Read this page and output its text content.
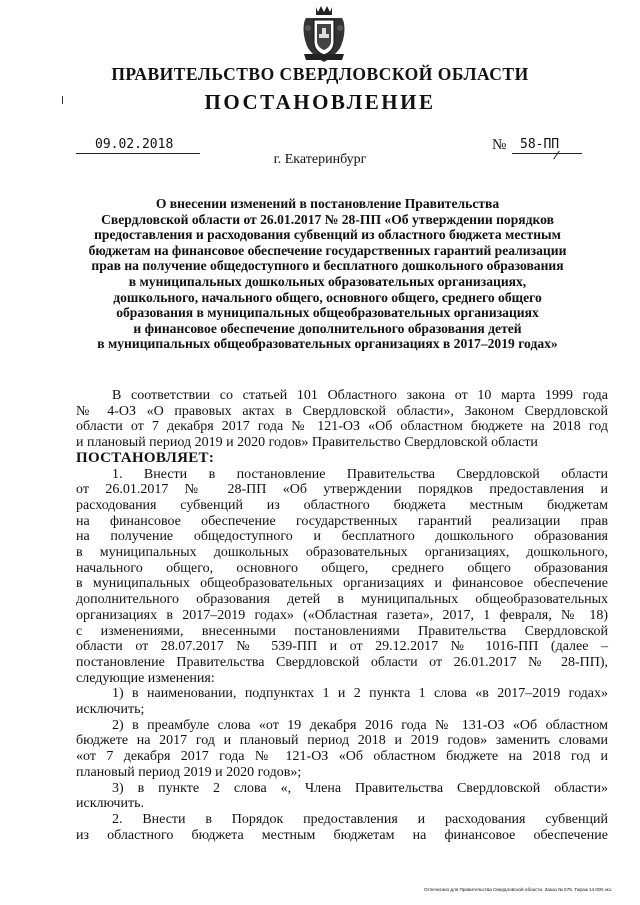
ПРАВИТЕЛЬСТВО СВЕРДЛОВСКОЙ ОБЛАСТИ
ПОСТАНОВЛЕНИЕ
09.02.2018	№ 58-ПП
г. Екатеринбург
О внесении изменений в постановление Правительства
Свердловской области от 26.01.2017 № 28-ПП «Об утверждении порядков
предоставления и расходования субвенций из областного бюджета местным
бюджетам на финансовое обеспечение государственных гарантий реализации
прав на получение общедоступного и бесплатного дошкольного образования
в муниципальных дошкольных образовательных организациях,
дошкольного, начального общего, основного общего, среднего общего
образования в муниципальных общеобразовательных организациях
и финансовое обеспечение дополнительного образования детей
в муниципальных общеобразовательных организациях в 2017–2019 годах»
В соответствии со статьей 101 Областного закона от 10 марта 1999 года
№ 4-ОЗ «О правовых актах в Свердловской области», Законом Свердловской
области от 7 декабря 2017 года № 121-ОЗ «Об областном бюджете на 2018 год
и плановый период 2019 и 2020 годов» Правительство Свердловской области
ПОСТАНОВЛЯЕТ:
1. Внести в постановление Правительства Свердловской области
от 26.01.2017 № 28-ПП «Об утверждении порядков предоставления и
расходования субвенций из областного бюджета местным бюджетам
на финансовое обеспечение государственных гарантий реализации прав
на получение общедоступного и бесплатного дошкольного образования
в муниципальных дошкольных образовательных организациях, дошкольного,
начального общего, основного общего, среднего общего образования
в муниципальных общеобразовательных организациях и финансовое обеспечение
дополнительного образования детей в муниципальных общеобразовательных
организациях в 2017–2019 годах» («Областная газета», 2017, 1 февраля, № 18)
с изменениями, внесенными постановлениями Правительства Свердловской
области от 28.07.2017 № 539-ПП и от 29.12.2017 № 1016-ПП (далее –
постановление Правительства Свердловской области от 26.01.2017 № 28-ПП),
следующие изменения:
1) в наименовании, подпунктах 1 и 2 пункта 1 слова «в 2017–2019 годах»
исключить;
2) в преамбуле слова «от 19 декабря 2016 года № 131-ОЗ «Об областном
бюджете на 2017 год и плановый период 2018 и 2019 годов» заменить словами
«от 7 декабря 2017 года № 121-ОЗ «Об областном бюджете на 2018 год и
плановый период 2019 и 2020 годов»;
3) в пункте 2 слова «, Члена Правительства Свердловской области»
исключить.
2. Внести в Порядок предоставления и расходования субвенций
из областного бюджета местным бюджетам на финансовое обеспечение
Отпечатано для Правительства Свердловской области. Заказ № 575. Тираж 14 000 экз.
